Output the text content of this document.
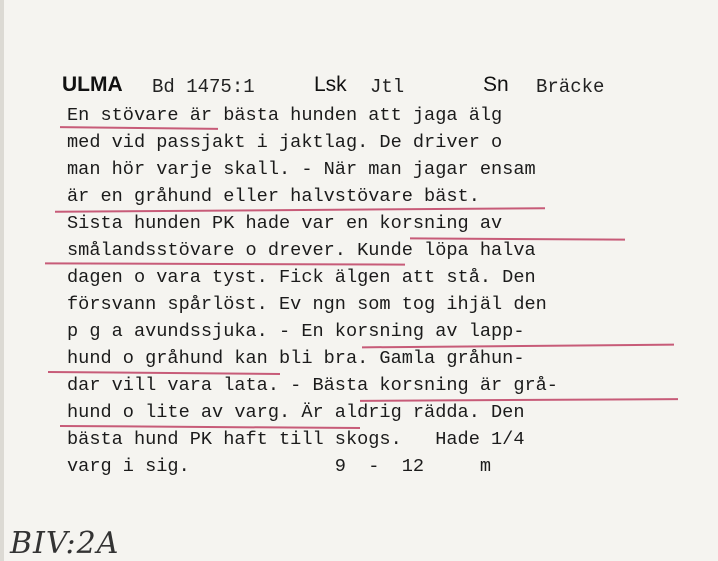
ULMA Bd 1475:1	Lsk Jtl	Sn Bräcke
En stövare är bästa hunden att jaga älg
med vid passjakt i jaktlag. De driver o
man hör varje skall. - När man jagar ensam
är en gråhund eller halvstövare bäst.
Sista hunden PK hade var en korsning av
smålandsstövare o drever. Kunde löpa halva
dagen o vara tyst. Fick älgen att stå. Den
försvann spårlöst. Ev ngn som tog ihjäl den
p g a avundssjuka. - En korsning av lapp-
hund o gråhund kan bli bra. Gamla gråhun-
dar vill vara lata. - Bästa korsning är grå-
hund o lite av varg. Är aldrig rädda. Den
bästa hund PK haft till skogs.   Hade 1/4
varg i sig.             9  -  12     m
BIV:2A
